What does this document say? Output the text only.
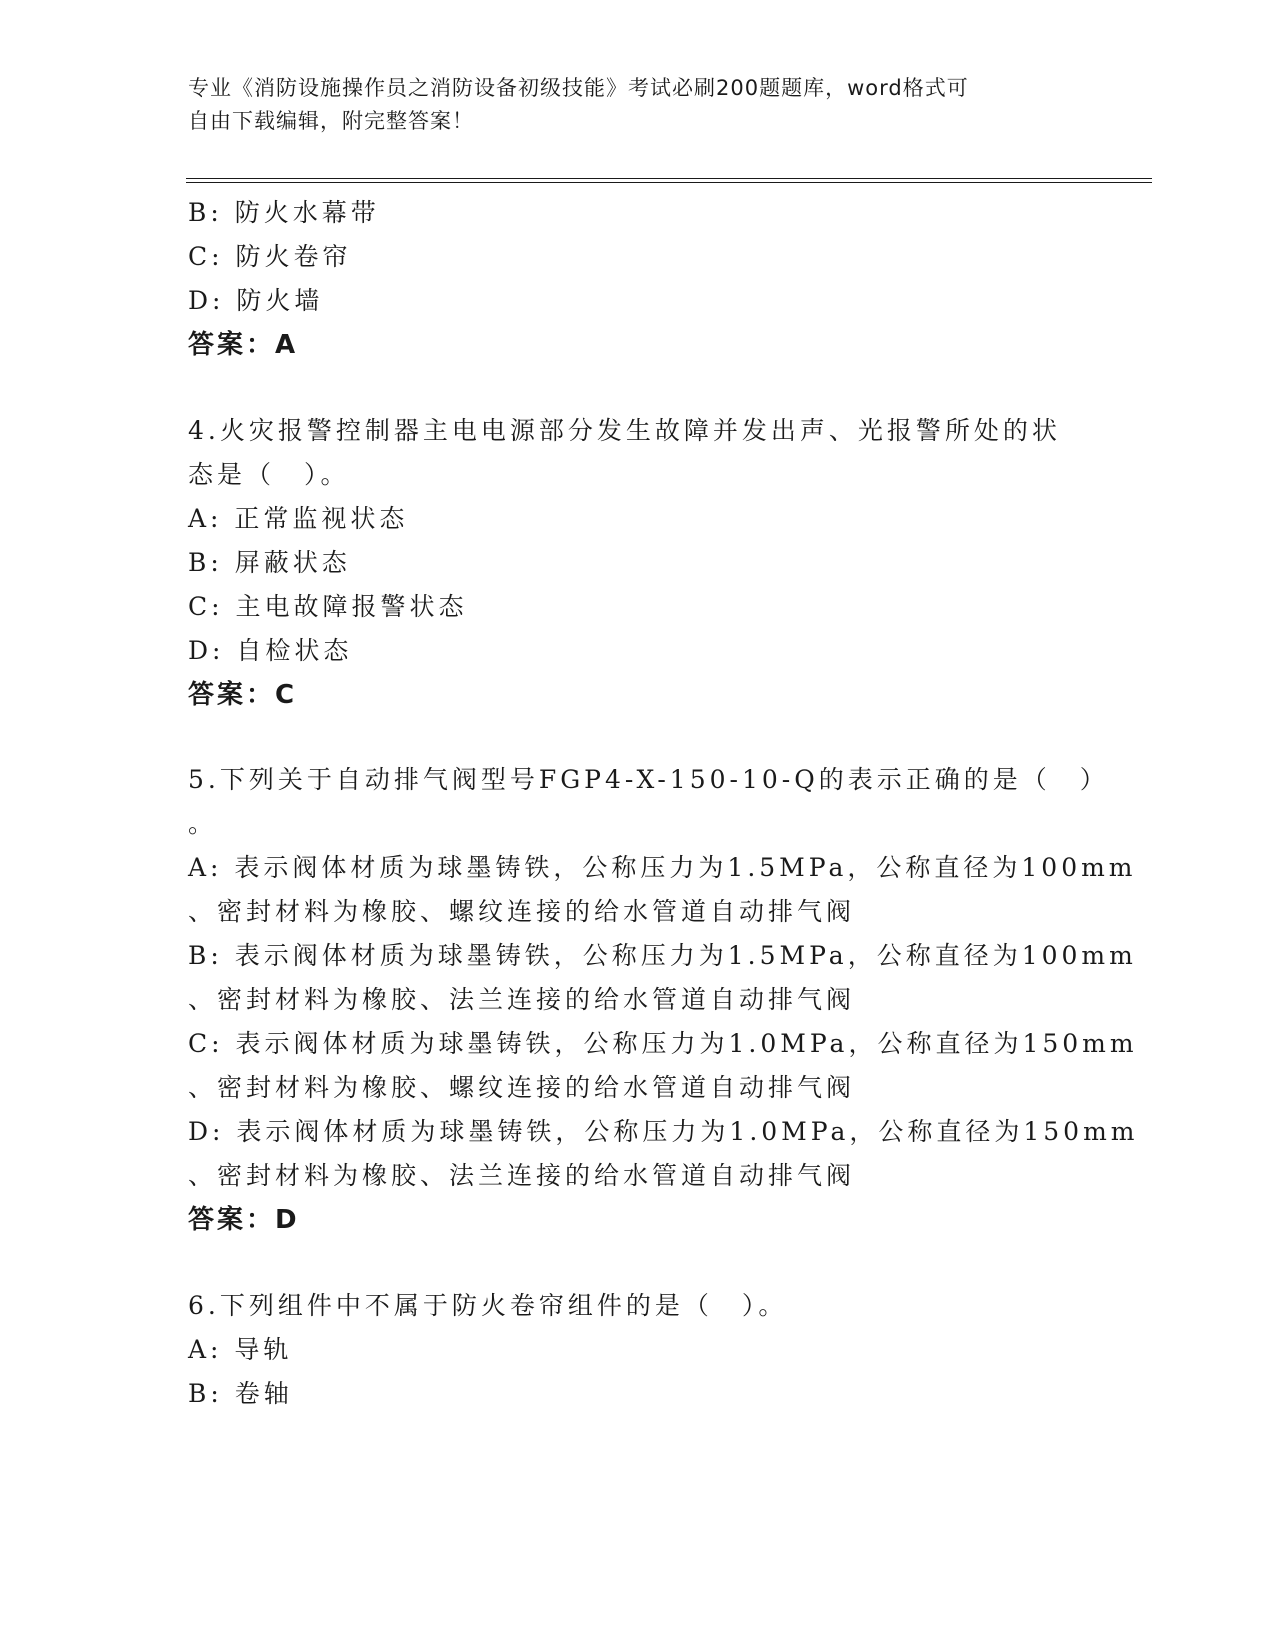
专业《消防设施操作员之消防设备初级技能》考试必刷200题题库，word格式可
自由下载编辑，附完整答案！
B: 防火水幕带
C: 防火卷帘
D: 防火墙
答案：A
4.火灾报警控制器主电电源部分发生故障并发出声、光报警所处的状
态是（　）。
A: 正常监视状态
B: 屏蔽状态
C: 主电故障报警状态
D: 自检状态
答案：C
5.下列关于自动排气阀型号FGP4-X-150-10-Q的表示正确的是（　）
。
A: 表示阀体材质为球墨铸铁，公称压力为1.5MPa，公称直径为100mm
、密封材料为橡胶、螺纹连接的给水管道自动排气阀
B: 表示阀体材质为球墨铸铁，公称压力为1.5MPa，公称直径为100mm
、密封材料为橡胶、法兰连接的给水管道自动排气阀
C: 表示阀体材质为球墨铸铁，公称压力为1.0MPa，公称直径为150mm
、密封材料为橡胶、螺纹连接的给水管道自动排气阀
D: 表示阀体材质为球墨铸铁，公称压力为1.0MPa，公称直径为150mm
、密封材料为橡胶、法兰连接的给水管道自动排气阀
答案：D
6.下列组件中不属于防火卷帘组件的是（　）。
A: 导轨
B: 卷轴
